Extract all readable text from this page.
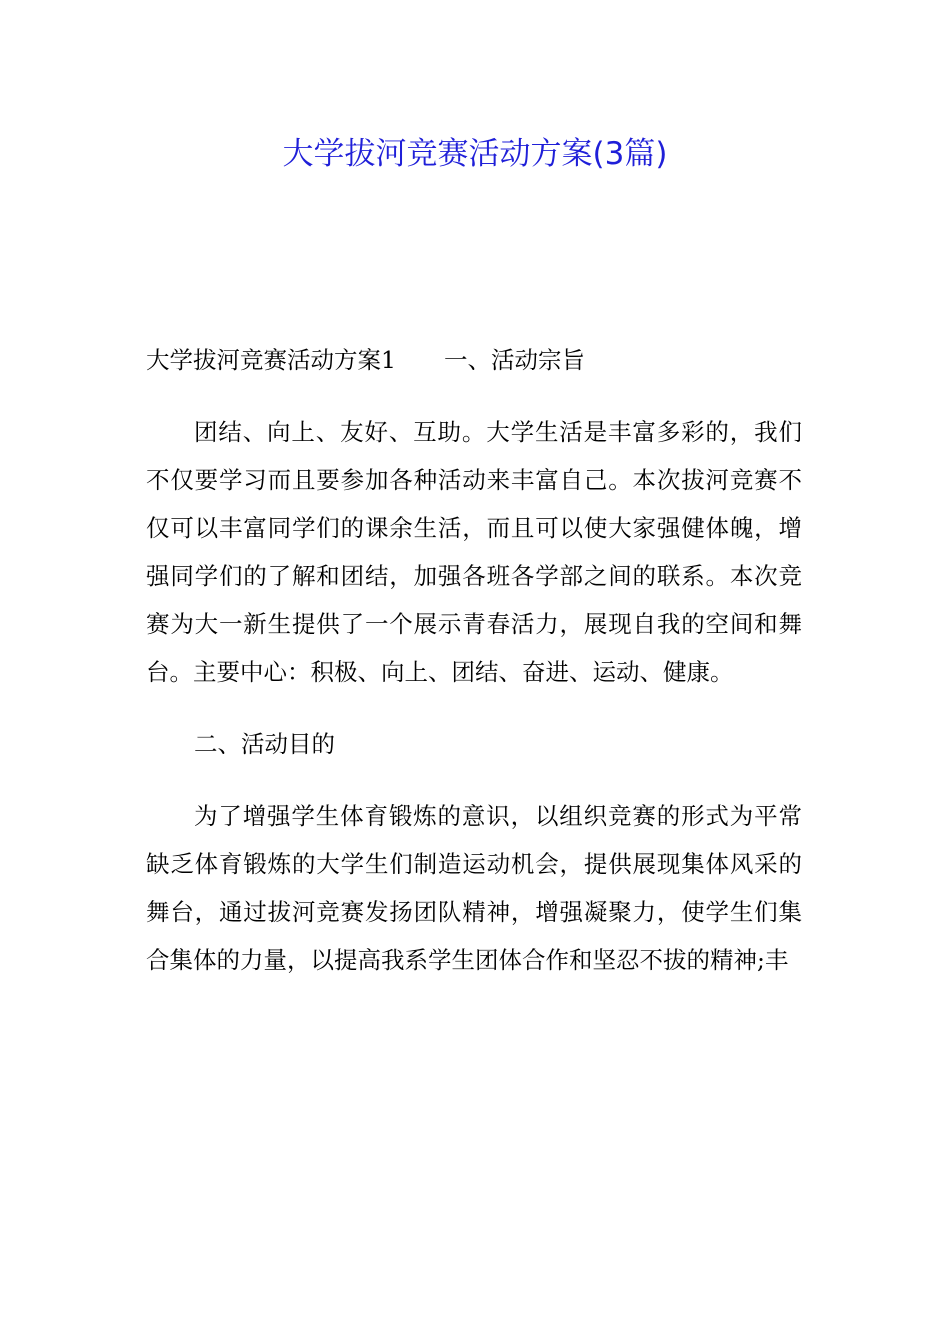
大学拔河竞赛活动方案(3篇)

大学拔河竞赛活动方案1 一、活动宗旨

团结、向上、友好、互助。大学生活是丰富多彩的，我们不仅要学习而且要参加各种活动来丰富自己。本次拔河竞赛不仅可以丰富同学们的课余生活，而且可以使大家强健体魄，增强同学们的了解和团结，加强各班各学部之间的联系。本次竞赛为大一新生提供了一个展示青春活力，展现自我的空间和舞台。主要中心：积极、向上、团结、奋进、运动、健康。

二、活动目的

为了增强学生体育锻炼的意识，以组织竞赛的形式为平常缺乏体育锻炼的大学生们制造运动机会，提供展现集体风采的舞台，通过拔河竞赛发扬团队精神，增强凝聚力，使学生们集合集体的力量，以提高我系学生团体合作和坚忍不拔的精神;丰
